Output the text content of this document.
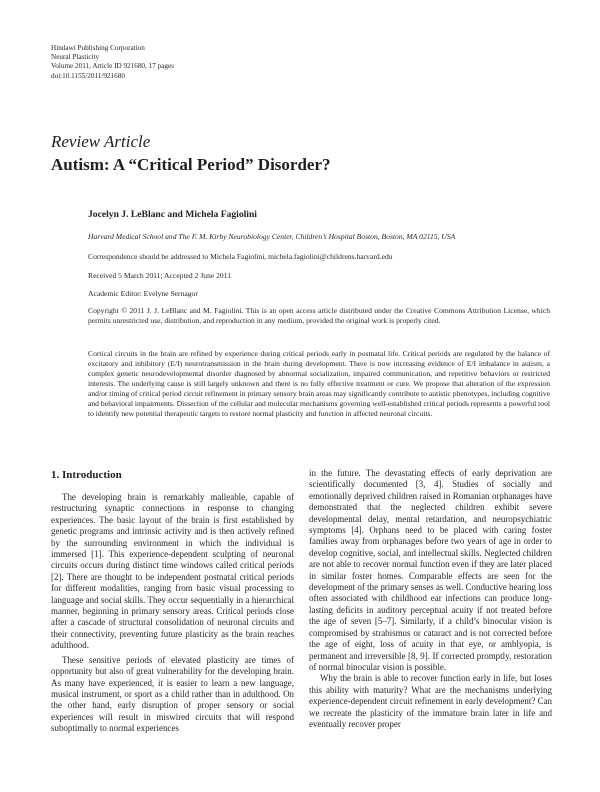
Hindawi Publishing Corporation
Neural Plasticity
Volume 2011, Article ID 921680, 17 pages
doi:10.1155/2011/921680
Review Article
Autism: A “Critical Period” Disorder?
Jocelyn J. LeBlanc and Michela Fagiolini
Harvard Medical School and The F. M. Kirby Neurobiology Center, Children’s Hospital Boston, Boston, MA 02115, USA
Correspondence should be addressed to Michela Fagiolini, michela.fagiolini@childrens.harvard.edu
Received 5 March 2011; Accepted 2 June 2011
Academic Editor: Evelyne Sernagor
Copyright © 2011 J. J. LeBlanc and M. Fagiolini. This is an open access article distributed under the Creative Commons Attribution License, which permits unrestricted use, distribution, and reproduction in any medium, provided the original work is properly cited.
Cortical circuits in the brain are refined by experience during critical periods early in postnatal life. Critical periods are regulated by the balance of excitatory and inhibitory (E/I) neurotransmission in the brain during development. There is now increasing evidence of E/I imbalance in autism, a complex genetic neurodevelopmental disorder diagnosed by abnormal socialization, impaired communication, and repetitive behaviors or restricted interests. The underlying cause is still largely unknown and there is no fully effective treatment or cure. We propose that alteration of the expression and/or timing of critical period circuit refinement in primary sensory brain areas may significantly contribute to autistic phenotypes, including cognitive and behavioral impairments. Dissection of the cellular and molecular mechanisms governing well-established critical periods represents a powerful tool to identify new potential therapeutic targets to restore normal plasticity and function in affected neuronal circuits.
1. Introduction

The developing brain is remarkably malleable, capable of restructuring synaptic connections in response to changing experiences. The basic layout of the brain is first established by genetic programs and intrinsic activity and is then actively refined by the surrounding environment in which the individual is immersed [1]. This experience-dependent sculpting of neuronal circuits occurs during distinct time windows called critical periods [2]. There are thought to be independent postnatal critical periods for different modalities, ranging from basic visual processing to language and social skills. They occur sequentially in a hierarchical manner, beginning in primary sensory areas. Critical periods close after a cascade of structural consolidation of neuronal circuits and their connectivity, preventing future plasticity as the brain reaches adulthood.

These sensitive periods of elevated plasticity are times of opportunity but also of great vulnerability for the developing brain. As many have experienced, it is easier to learn a new language, musical instrument, or sport as a child rather than in adulthood. On the other hand, early disruption of proper sensory or social experiences will result in miswired circuits that will respond suboptimally to normal experiences

in the future. The devastating effects of early deprivation are scientifically documented [3, 4]. Studies of socially and emotionally deprived children raised in Romanian orphanages have demonstrated that the neglected children exhibit severe developmental delay, mental retardation, and neuropsychiatric symptoms [4]. Orphans need to be placed with caring foster families away from orphanages before two years of age in order to develop cognitive, social, and intellectual skills. Neglected children are not able to recover normal function even if they are later placed in similar foster homes. Comparable effects are seen for the development of the primary senses as well. Conductive hearing loss often associated with childhood ear infections can produce long-lasting deficits in auditory perceptual acuity if not treated before the age of seven [5–7]. Similarly, if a child’s binocular vision is compromised by strabismus or cataract and is not corrected before the age of eight, loss of acuity in that eye, or amblyopia, is permanent and irreversible [8, 9]. If corrected promptly, restoration of normal binocular vision is possible.

Why the brain is able to recover function early in life, but loses this ability with maturity? What are the mechanisms underlying experience-dependent circuit refinement in early development? Can we recreate the plasticity of the immature brain later in life and eventually recover proper
